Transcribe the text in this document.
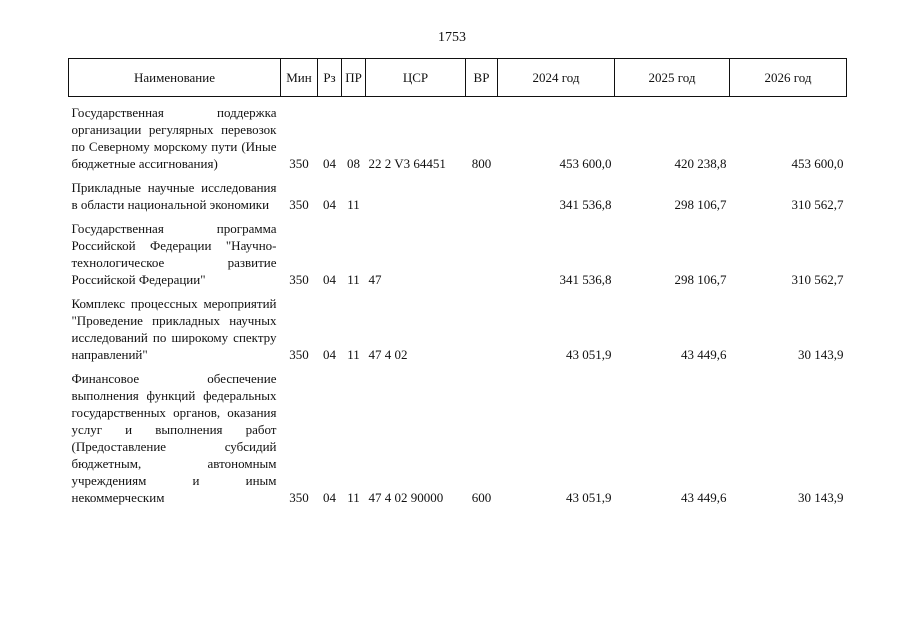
1753
Наименование	Мин	Рз	ПР	ЦСР	ВР	2024 год	2025 год	2026 год

Государственная поддержка организации регулярных перевозок по Северному морскому пути (Иные бюджетные ассигнования)	350	04	08	22 2 V3 64451	800	453 600,0	420 238,8	453 600,0

Прикладные научные исследования в области национальной экономики	350	04	11			341 536,8	298 106,7	310 562,7

Государственная программа Российской Федерации "Научно-технологическое развитие Российской Федерации"	350	04	11	47		341 536,8	298 106,7	310 562,7

Комплекс процессных мероприятий "Проведение прикладных научных исследований по широкому спектру направлений"	350	04	11	47 4 02		43 051,9	43 449,6	30 143,9

Финансовое обеспечение выполнения функций федеральных государственных органов, оказания услуг и выполнения работ (Предоставление субсидий бюджетным, автономным учреждениям и иным некоммерческим	350	04	11	47 4 02 90000	600	43 051,9	43 449,6	30 143,9
